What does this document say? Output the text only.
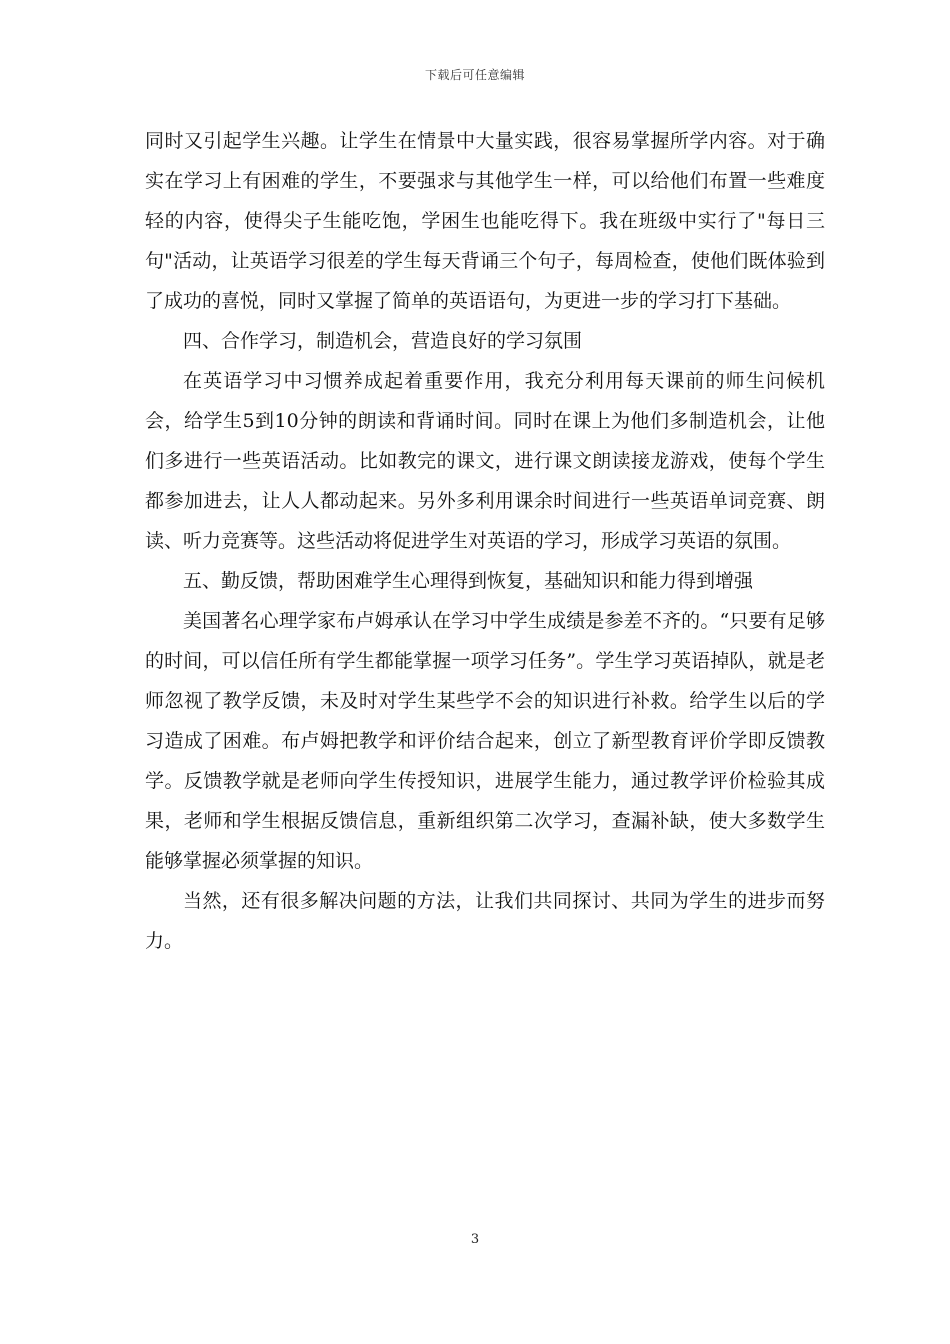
下载后可任意编辑

同时又引起学生兴趣。让学生在情景中大量实践，很容易掌握所学内容。对于确实在学习上有困难的学生，不要强求与其他学生一样，可以给他们布置一些难度轻的内容，使得尖子生能吃饱，学困生也能吃得下。我在班级中实行了"每日三句"活动，让英语学习很差的学生每天背诵三个句子，每周检查，使他们既体验到了成功的喜悦，同时又掌握了简单的英语语句，为更进一步的学习打下基础。

四、合作学习，制造机会，营造良好的学习氛围

在英语学习中习惯养成起着重要作用，我充分利用每天课前的师生问候机会，给学生5到10分钟的朗读和背诵时间。同时在课上为他们多制造机会，让他们多进行一些英语活动。比如教完的课文，进行课文朗读接龙游戏，使每个学生都参加进去，让人人都动起来。另外多利用课余时间进行一些英语单词竞赛、朗读、听力竞赛等。这些活动将促进学生对英语的学习，形成学习英语的氛围。

五、勤反馈，帮助困难学生心理得到恢复，基础知识和能力得到增强

美国著名心理学家布卢姆承认在学习中学生成绩是参差不齐的。“只要有足够的时间，可以信任所有学生都能掌握一项学习任务”。学生学习英语掉队，就是老师忽视了教学反馈，未及时对学生某些学不会的知识进行补救。给学生以后的学习造成了困难。布卢姆把教学和评价结合起来，创立了新型教育评价学即反馈教学。反馈教学就是老师向学生传授知识，进展学生能力，通过教学评价检验其成果，老师和学生根据反馈信息，重新组织第二次学习，查漏补缺，使大多数学生能够掌握必须掌握的知识。

当然，还有很多解决问题的方法，让我们共同探讨、共同为学生的进步而努力。

3
